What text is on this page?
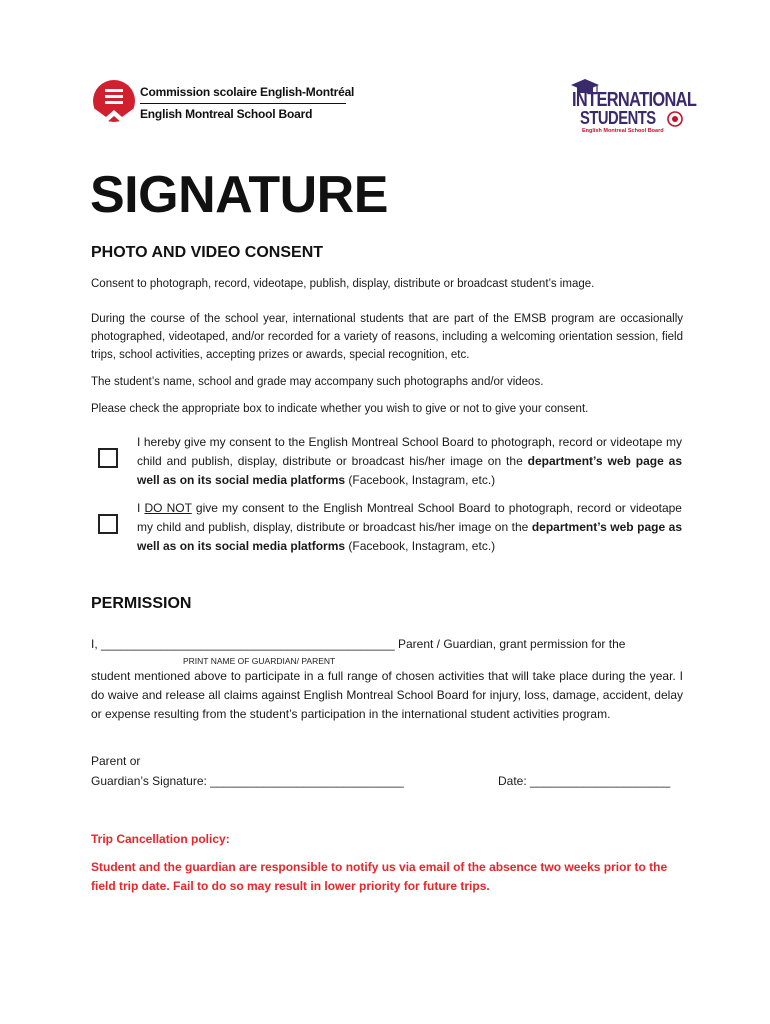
Commission scolaire English-Montréal
English Montreal School Board
INTERNATIONAL
STUDENTS
English Montreal School Board
SIGNATURE
PHOTO AND VIDEO CONSENT
Consent to photograph, record, videotape, publish, display, distribute or broadcast student’s image.
During the course of the school year, international students that are part of the EMSB program are occasionally photographed, videotaped, and/or recorded for a variety of reasons, including a welcoming orientation session, field trips, school activities, accepting prizes or awards, special recognition, etc.
The student’s name, school and grade may accompany such photographs and/or videos.
Please check the appropriate box to indicate whether you wish to give or not to give your consent.
I hereby give my consent to the English Montreal School Board to photograph, record or videotape my child and publish, display, distribute or broadcast his/her image on the department’s web page as well as on its social media platforms (Facebook, Instagram, etc.)
I DO NOT give my consent to the English Montreal School Board to photograph, record or videotape my child and publish, display, distribute or broadcast his/her image on the department’s web page as well as on its social media platforms (Facebook, Instagram, etc.)
PERMISSION
I, ____________________________________________ Parent / Guardian, grant permission for the
PRINT NAME OF GUARDIAN/ PARENT
student mentioned above to participate in a full range of chosen activities that will take place during the year. I do waive and release all claims against English Montreal School Board for injury, loss, damage, accident, delay or expense resulting from the student’s participation in the international student activities program.
Parent or
Guardian’s Signature: _____________________________	Date: _____________________
Trip Cancellation policy:
Student and the guardian are responsible to notify us via email of the absence two weeks prior to the field trip date. Fail to do so may result in lower priority for future trips.
